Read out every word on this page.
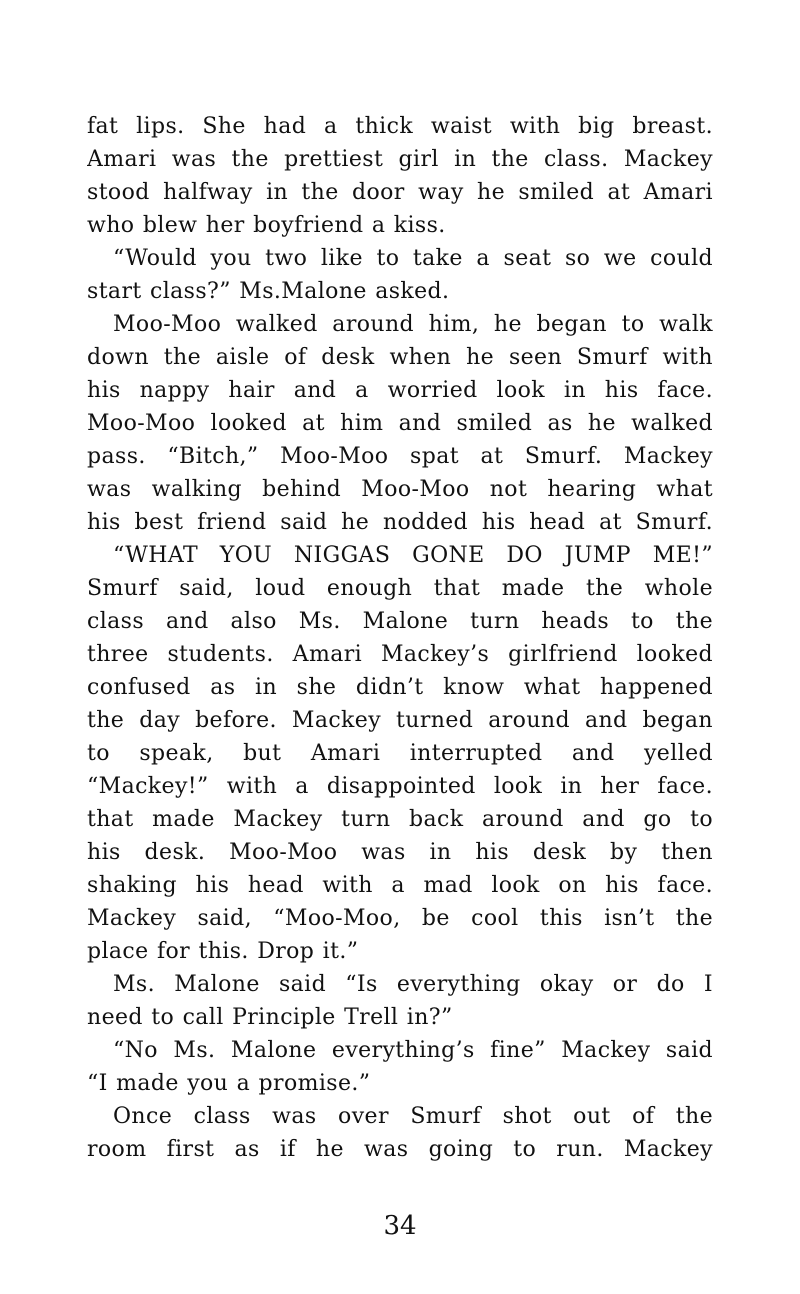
fat lips. She had a thick waist with big breast.
Amari was the prettiest girl in the class. Mackey
stood halfway in the door way he smiled at Amari
who blew her boyfriend a kiss.
“Would you two like to take a seat so we could
start class?” Ms.Malone asked.
Moo-Moo walked around him, he began to walk
down the aisle of desk when he seen Smurf with
his nappy hair and a worried look in his face.
Moo-Moo looked at him and smiled as he walked
pass. “Bitch,” Moo-Moo spat at Smurf. Mackey
was walking behind Moo-Moo not hearing what
his best friend said he nodded his head at Smurf.
“WHAT YOU NIGGAS GONE DO JUMP ME!”
Smurf said, loud enough that made the whole
class and also Ms. Malone turn heads to the
three students. Amari Mackey’s girlfriend looked
confused as in she didn’t know what happened
the day before. Mackey turned around and began
to speak, but Amari interrupted and yelled
“Mackey!” with a disappointed look in her face.
that made Mackey turn back around and go to
his desk. Moo-Moo was in his desk by then
shaking his head with a mad look on his face.
Mackey said, “Moo-Moo, be cool this isn’t the
place for this. Drop it.”
Ms. Malone said “Is everything okay or do I
need to call Principle Trell in?”
“No Ms. Malone everything’s fine” Mackey said
“I made you a promise.”
Once class was over Smurf shot out of the
room first as if he was going to run. Mackey
34
